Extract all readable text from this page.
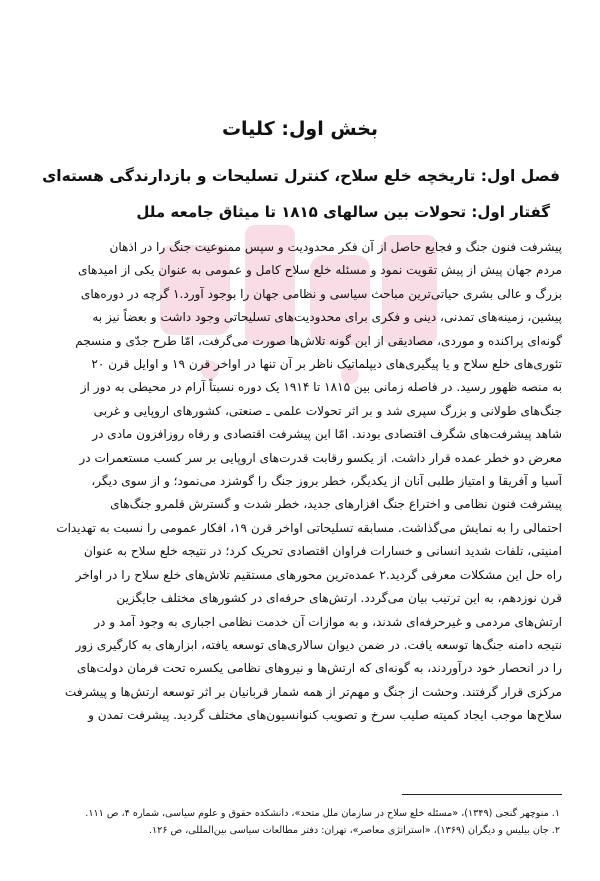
بخش اول: کلیات
فصل اول: تاریخچه خلع سلاح، کنترل تسلیحات و بازدارندگی هسته‌ای
گفتار اول: تحولات بین سالهای ۱۸۱۵ تا میثاق جامعه ملل
پیشرفت فنون جنگ و فجایع حاصل از آن فکر محدودیت و سپس ممنوعیت جنگ را در اذهان
مردم جهان پیش از پیش تقویت نمود و مسئله خلع سلاح کامل و عمومی به عنوان یکی از امیدهای
بزرگ و عالی بشری حیاتی‌ترین مباحث سیاسی و نظامی جهان را بوجود آورد.۱ گرچه در دوره‌های
پیشین، زمینه‌های تمدنی، دینی و فکری برای محدودیت‌های تسلیحاتی وجود داشت و بعضاً نیز به
گونه‌ای پراکنده و موردی، مصادیقی از این گونه تلاش‌ها صورت می‌گرفت، امّا طرح جدّی و منسجم
تئوری‌های خلع سلاح و یا پیگیری‌های دیپلماتیک ناظر بر آن تنها در اواخر قرن ۱۹ و اوایل قرن ۲۰
به منصه ظهور رسید. در فاصله زمانی بین ۱۸۱۵ تا ۱۹۱۴ یک دوره نسبتاً آرام در محیطی به دور از
جنگ‌های طولانی و بزرگ سپری شد و بر اثر تحولات علمی ـ صنعتی، کشورهای اروپایی و غربی
شاهد پیشرفت‌های شگرف اقتصادی بودند. امّا این پیشرفت اقتصادی و رفاه روزافزون مادی در
معرض دو خطر عمده قرار داشت. از یکسو رقابت قدرت‌های اروپایی بر سر کسب مستعمرات در
آسیا و آفریقا و امتیاز طلبی آنان از یکدیگر، خطر بروز جنگ را گوشزد می‌نمود؛ و از سوی دیگر،
پیشرفت فنون نظامی و اختراع جنگ افزارهای جدید، خطر شدت و گسترش قلمرو جنگ‌های
احتمالی را به نمایش می‌گذاشت. مسابقه تسلیحاتی اواخر قرن ۱۹، افکار عمومی را نسبت به تهدیدات
امنیتی، تلفات شدید انسانی و خسارات فراوان اقتصادی تحریک کرد؛ در نتیجه خلع سلاح به عنوان
راه حل این مشکلات معرفی گردید.۲ عمده‌ترین محورهای مستقیم تلاش‌های خلع سلاح را در اواخر
قرن نوزدهم، به این ترتیب بیان می‌گردد. ارتش‌های حرفه‌ای در کشورهای مختلف جایگزین
ارتش‌های مردمی و غیرحرفه‌ای شدند، و به موازات آن خدمت نظامی اجباری به وجود آمد و در
نتیجه دامنه جنگ‌ها توسعه یافت. در ضمن دیوان سالاری‌های توسعه یافته، ابزارهای به کارگیری زور
را در انحصار خود درآوردند، به گونه‌ای که ارتش‌ها و نیروهای نظامی یکسره تحت فرمان دولت‌های
مرکزی قرار گرفتند. وحشت از جنگ و مهم‌تر از همه شمار قربانیان بر اثر توسعه ارتش‌ها و پیشرفت
سلاح‌ها موجب ایجاد کمیته صلیب سرخ و تصویب کنوانسیون‌های مختلف گردید. پیشرفت تمدن و
۱. منوچهر گنجی (۱۳۴۹)، «مسئله خلع سلاح در سازمان ملل متحد»، دانشکده حقوق و علوم سیاسی، شماره ۴، ص ۱۱۱.
۲. جان بیلیس و دیگران (۱۳۶۹)، «استراتژی معاصر»، تهران: دفتر مطالعات سیاسی بین‌المللی، ص ۱۲۶.
